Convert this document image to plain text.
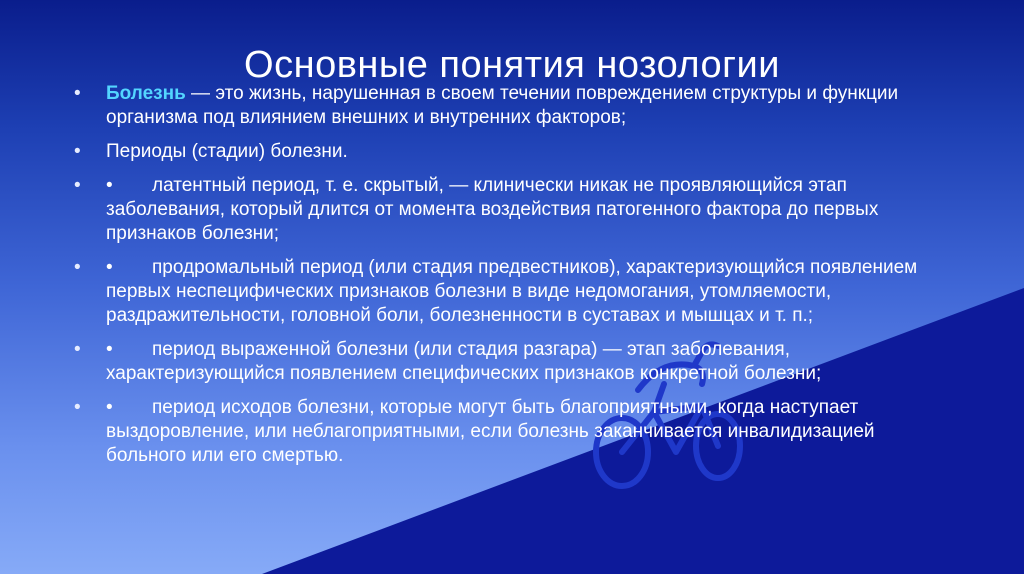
Основные понятия нозологии
• Болезнь — это жизнь, нарушенная в своем течении повреждением структуры и функции организма под влиянием внешних и внутренних факторов;
• Периоды (стадии) болезни.
• • латентный период, т. е. скрытый, — клинически никак не проявляющийся этап заболевания, который длится от момента воздействия патогенного фактора до первых признаков болезни;
• • продромальный период (или стадия предвестников), характеризующийся появлением первых неспецифических признаков болезни в виде недомогания, утомляемости, раздражительности, головной боли, болезненности в суставах и мышцах и т. п.;
• • период выраженной болезни (или стадия разгара) — этап заболевания, характеризующийся появлением специфических признаков конкретной болезни;
• • период исходов болезни, которые могут быть благоприятными, когда наступает выздоровление, или неблагоприятными, если болезнь заканчивается инвалидизацией больного или его смертью.
